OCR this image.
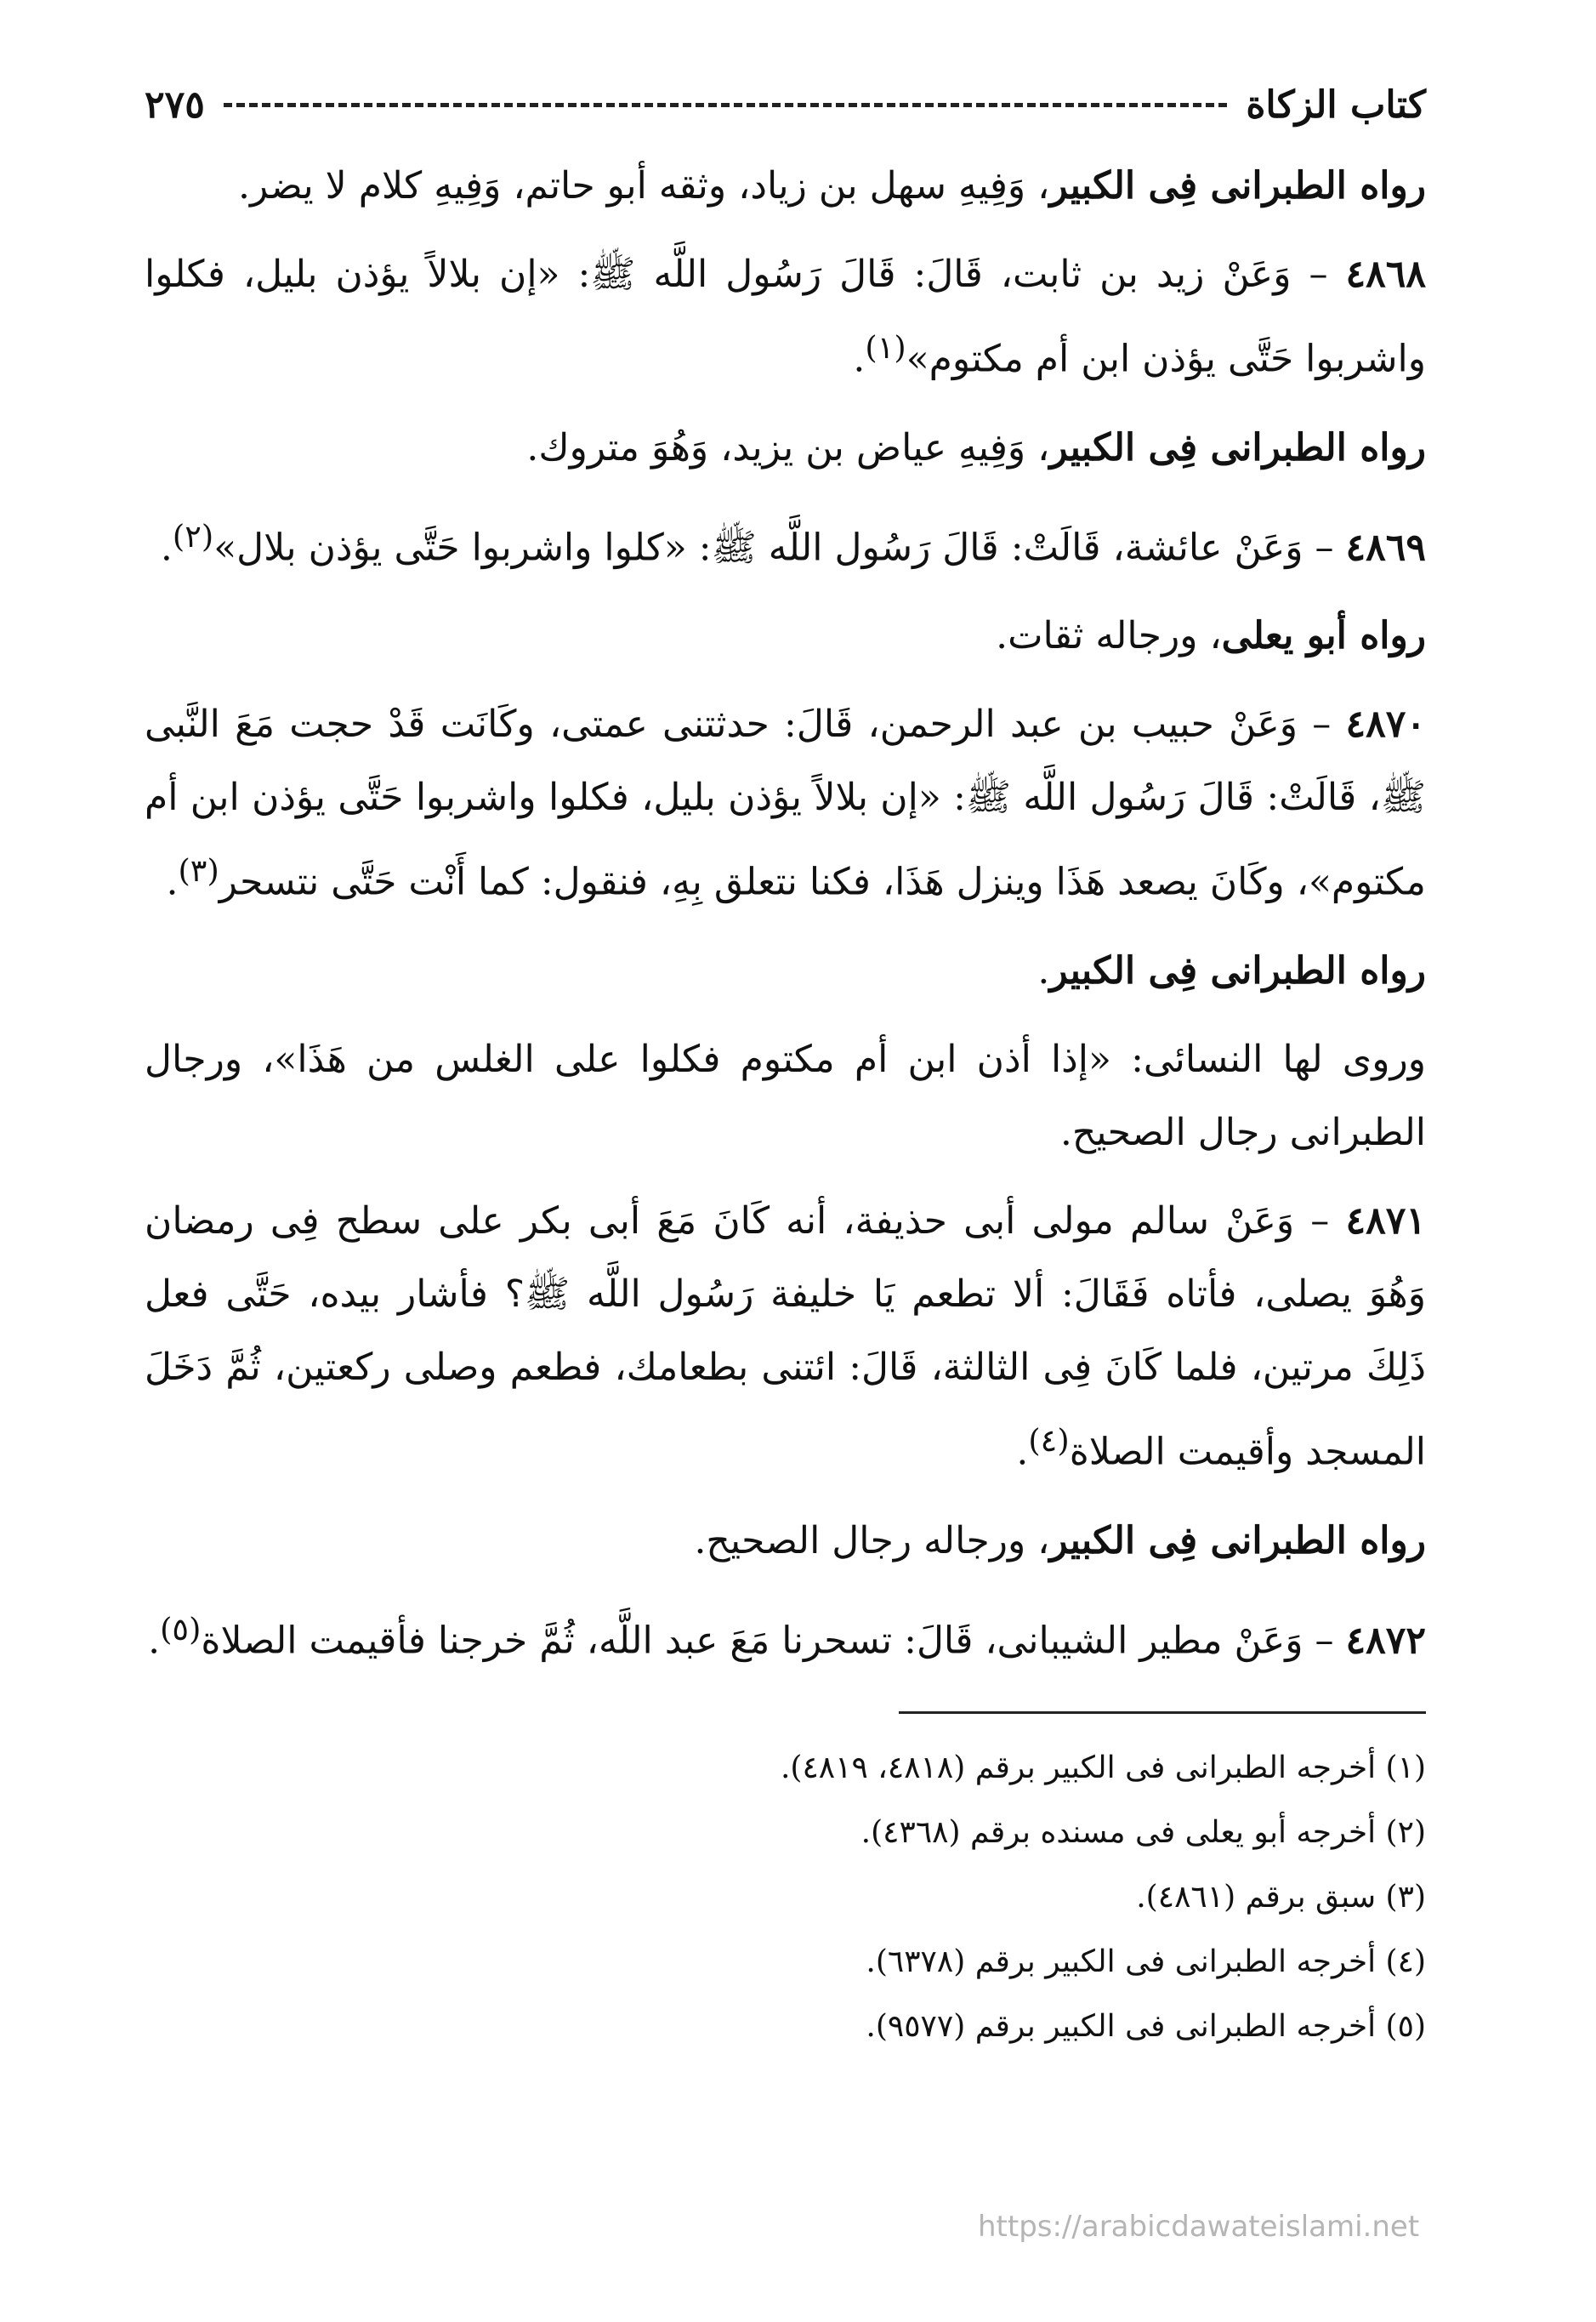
كتاب الزكاة
٢٧٥

رواه الطبرانى فِى الكبير، وَفِيهِ سهل بن زياد، وثقه أبو حاتم، وَفِيهِ كلام لا يضر.

٤٨٦٨ – وَعَنْ زيد بن ثابت، قَالَ: قَالَ رَسُول اللَّه ﷺ: «إن بلالاً يؤذن بليل، فكلوا واشربوا حَتَّى يؤذن ابن أم مكتوم»$^{(١)}$.

رواه الطبرانى فِى الكبير، وَفِيهِ عياض بن يزيد، وَهُوَ متروك.

٤٨٦٩ – وَعَنْ عائشة، قَالَتْ: قَالَ رَسُول اللَّه ﷺ: «كلوا واشربوا حَتَّى يؤذن بلال»$^{(٢)}$.

رواه أبو يعلى، ورجاله ثقات.

٤٨٧٠ – وَعَنْ حبيب بن عبد الرحمن، قَالَ: حدثتنى عمتى، وكَانَت قَدْ حجت مَعَ النَّبى ﷺ، قَالَتْ: قَالَ رَسُول اللَّه ﷺ: «إن بلالاً يؤذن بليل، فكلوا واشربوا حَتَّى يؤذن ابن أم مكتوم»، وكَانَ يصعد هَذَا وينزل هَذَا، فكنا نتعلق بِهِ، فنقول: كما أَنْت حَتَّى نتسحر$^{(٣)}$.

رواه الطبرانى فِى الكبير.

وروى لها النسائى: «إذا أذن ابن أم مكتوم فكلوا على الغلس من هَذَا»، ورجال الطبرانى رجال الصحيح.

٤٨٧١ – وَعَنْ سالم مولى أبى حذيفة، أنه كَانَ مَعَ أبى بكر على سطح فِى رمضان وَهُوَ يصلى، فأتاه فَقَالَ: ألا تطعم يَا خليفة رَسُول اللَّه ﷺ؟ فأشار بيده، حَتَّى فعل ذَلِكَ مرتين، فلما كَانَ فِى الثالثة، قَالَ: ائتنى بطعامك، فطعم وصلى ركعتين، ثُمَّ دَخَلَ المسجد وأقيمت الصلاة$^{(٤)}$.

رواه الطبرانى فِى الكبير، ورجاله رجال الصحيح.

٤٨٧٢ – وَعَنْ مطير الشيبانى، قَالَ: تسحرنا مَعَ عبد اللَّه، ثُمَّ خرجنا فأقيمت الصلاة$^{(٥)}$.

(١) أخرجه الطبرانى فى الكبير برقم (٤٨١٨، ٤٨١٩).

(٢) أخرجه أبو يعلى فى مسنده برقم (٤٣٦٨).

(٣) سبق برقم (٤٨٦١).

(٤) أخرجه الطبرانى فى الكبير برقم (٦٣٧٨).

(٥) أخرجه الطبرانى فى الكبير برقم (٩٥٧٧).

https://arabicdawateislami.net
